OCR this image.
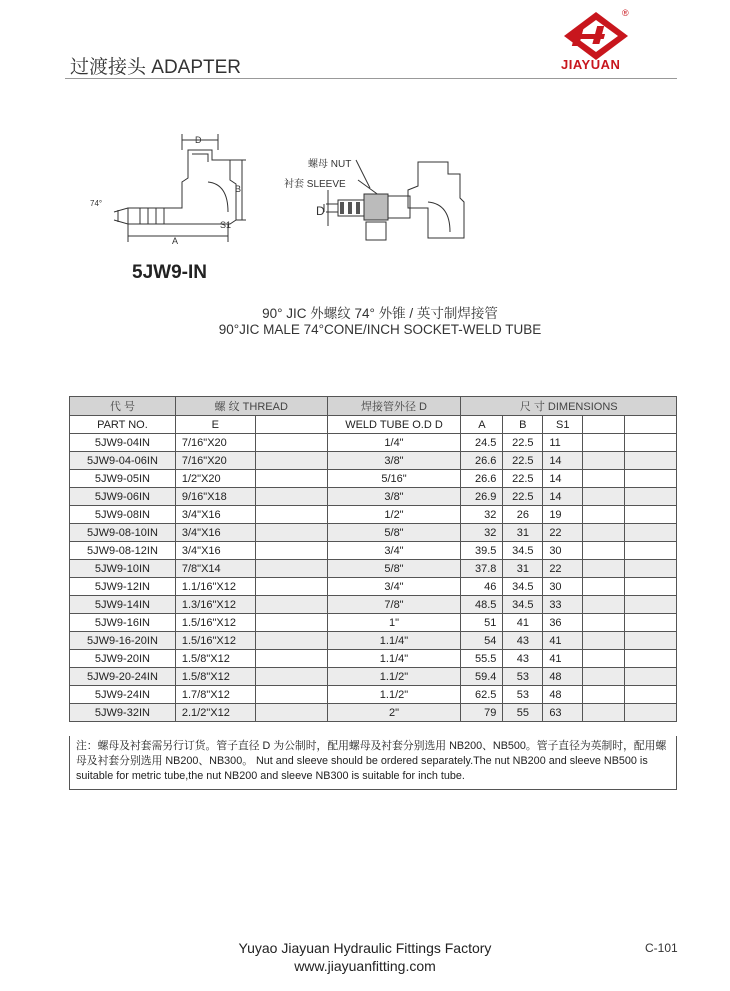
过渡接头 ADAPTER
®
JIAYUAN
D
B
A
S1
74°
螺母 NUT
衬套 SLEEVE
D
5JW9-IN
90° JIC 外螺纹 74° 外锥 / 英寸制焊接管
90°JIC MALE 74°CONE/INCH SOCKET-WELD TUBE
代 号	螺 纹 THREAD		焊接管外径 D	尺 寸 DIMENSIONS				
PART NO.	E		WELD TUBE O.D D	A	B	S1		
5JW9-04IN	7/16"X20		1/4"	24.5	22.5	11		
5JW9-04-06IN	7/16"X20		3/8"	26.6	22.5	14		
5JW9-05IN	1/2"X20		5/16"	26.6	22.5	14		
5JW9-06IN	9/16"X18		3/8"	26.9	22.5	14		
5JW9-08IN	3/4"X16		1/2"	32	26	19		
5JW9-08-10IN	3/4"X16		5/8"	32	31	22		
5JW9-08-12IN	3/4"X16		3/4"	39.5	34.5	30		
5JW9-10IN	7/8"X14		5/8"	37.8	31	22		
5JW9-12IN	1.1/16"X12		3/4"	46	34.5	30		
5JW9-14IN	1.3/16"X12		7/8"	48.5	34.5	33		
5JW9-16IN	1.5/16"X12		1"	51	41	36		
5JW9-16-20IN	1.5/16"X12		1.1/4"	54	43	41		
5JW9-20IN	1.5/8"X12		1.1/4"	55.5	43	41		
5JW9-20-24IN	1.5/8"X12		1.1/2"	59.4	53	48		
5JW9-24IN	1.7/8"X12		1.1/2"	62.5	53	48		
5JW9-32IN	2.1/2"X12		2"	79	55	63		
注：螺母及衬套需另行订货。管子直径 D 为公制时，配用螺母及衬套分别选用 NB200、NB500。管子直径为英制时，配用螺母及衬套分别选用 NB200、NB300。 Nut and sleeve should be ordered separately.The nut NB200 and sleeve NB500 is suitable for metric tube,the nut NB200 and sleeve NB300 is suitable for inch tube.
Yuyao Jiayuan Hydraulic Fittings Factory
www.jiayuanfitting.com
C-101
